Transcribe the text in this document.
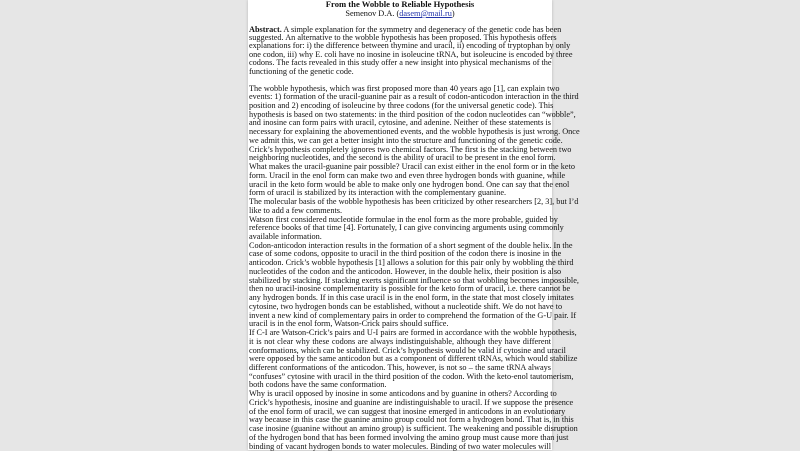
From the Wobble to Reliable Hypothesis
Semenov D.A. (dasem@mail.ru)
Abstract. A simple explanation for the symmetry and degeneracy of the genetic code has been
suggested. An alternative to the wobble hypothesis has been proposed. This hypothesis offers
explanations for: i) the difference between thymine and uracil, ii) encoding of tryptophan by only
one codon, iii) why E. coli have no inosine in isoleucine tRNA, but isoleucine is encoded by three
codons. The facts revealed in this study offer a new insight into physical mechanisms of the
functioning of the genetic code.
The wobble hypothesis, which was first proposed more than 40 years ago [1], can explain two
events: 1) formation of the uracil-guanine pair as a result of codon-anticodon interaction in the third
position and 2) encoding of isoleucine by three codons (for the universal genetic code). This
hypothesis is based on two statements: in the third position of the codon nucleotides can “wobble”,
and inosine can form pairs with uracil, cytosine, and adenine. Neither of these statements is
necessary for explaining the abovementioned events, and the wobble hypothesis is just wrong. Once
we admit this, we can get a better insight into the structure and functioning of the genetic code.
Crick’s hypothesis completely ignores two chemical factors. The first is the stacking between two
neighboring nucleotides, and the second is the ability of uracil to be present in the enol form.
What makes the uracil-guanine pair possible? Uracil can exist either in the enol form or in the keto
form. Uracil in the enol form can make two and even three hydrogen bonds with guanine, while
uracil in the keto form would be able to make only one hydrogen bond. One can say that the enol
form of uracil is stabilized by its interaction with the complementary guanine.
The molecular basis of the wobble hypothesis has been criticized by other researchers [2, 3], but I’d
like to add a few comments.
Watson first considered nucleotide formulae in the enol form as the more probable, guided by
reference books of that time [4]. Fortunately, I can give convincing arguments using commonly
available information.
Codon-anticodon interaction results in the formation of a short segment of the double helix. In the
case of some codons, opposite to uracil in the third position of the codon there is inosine in the
anticodon. Crick’s wobble hypothesis [1] allows a solution for this pair only by wobbling the third
nucleotides of the codon and the anticodon. However, in the double helix, their position is also
stabilized by stacking. If stacking exerts significant influence so that wobbling becomes impossible,
then no uracil-inosine complementarity is possible for the keto form of uracil, i.e. there cannot be
any hydrogen bonds. If in this case uracil is in the enol form, in the state that most closely imitates
cytosine, two hydrogen bonds can be established, without a nucleotide shift. We do not have to
invent a new kind of complementary pairs in order to comprehend the formation of the G-U pair. If
uracil is in the enol form, Watson-Crick pairs should suffice.
If C-I are Watson-Crick’s pairs and U-I pairs are formed in accordance with the wobble hypothesis,
it is not clear why these codons are always indistinguishable, although they have different
conformations, which can be stabilized. Crick’s hypothesis would be valid if cytosine and uracil
were opposed by the same anticodon but as a component of different tRNAs, which would stabilize
different conformations of the anticodon. This, however, is not so – the same tRNA always
“confuses” cytosine with uracil in the third position of the codon. With the keto-enol tautomerism,
both codons have the same conformation.
Why is uracil opposed by inosine in some anticodons and by guanine in others? According to
Crick’s hypothesis, inosine and guanine are indistinguishable to uracil. If we suppose the presence
of the enol form of uracil, we can suggest that inosine emerged in anticodons in an evolutionary
way because in this case the guanine amino group could not form a hydrogen bond. That is, in this
case inosine (guanine without an amino group) is sufficient. The weakening and possible disruption
of the hydrogen bond that has been formed involving the amino group must cause more than just
binding of vacant hydrogen bonds to water molecules. Binding of two water molecules will
